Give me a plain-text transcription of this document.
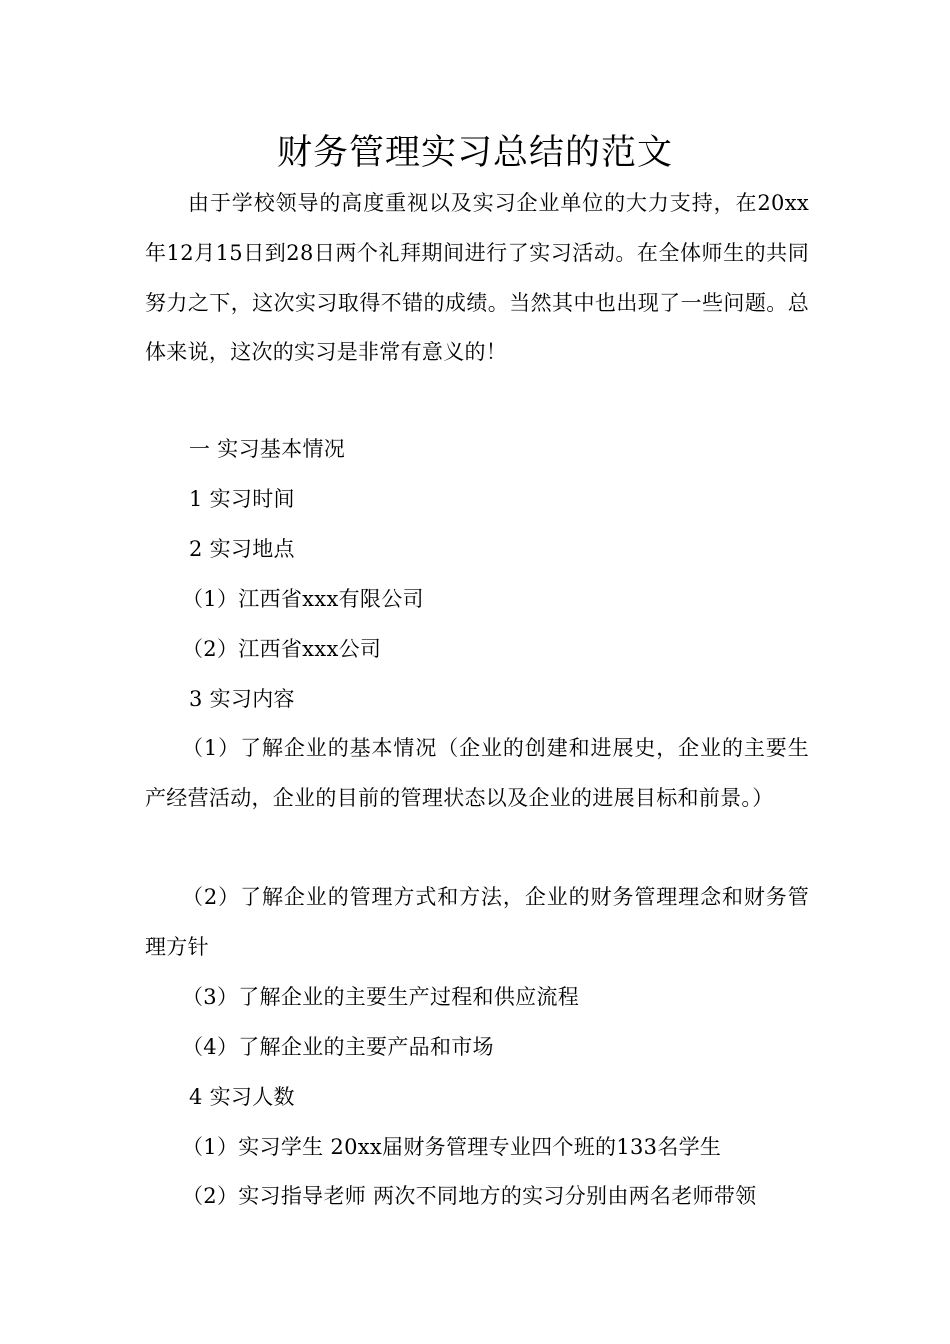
财务管理实习总结的范文

由于学校领导的高度重视以及实习企业单位的大力支持，在20xx年12月15日到28日两个礼拜期间进行了实习活动。在全体师生的共同努力之下，这次实习取得不错的成绩。当然其中也出现了一些问题。总体来说，这次的实习是非常有意义的！

一 实习基本情况

1 实习时间

2 实习地点

（1）江西省xxx有限公司

（2）江西省xxx公司

3 实习内容

（1）了解企业的基本情况（企业的创建和进展史，企业的主要生产经营活动，企业的目前的管理状态以及企业的进展目标和前景。）

（2）了解企业的管理方式和方法，企业的财务管理理念和财务管理方针

（3）了解企业的主要生产过程和供应流程

（4）了解企业的主要产品和市场

4 实习人数

（1）实习学生 20xx届财务管理专业四个班的133名学生

（2）实习指导老师 两次不同地方的实习分别由两名老师带领
